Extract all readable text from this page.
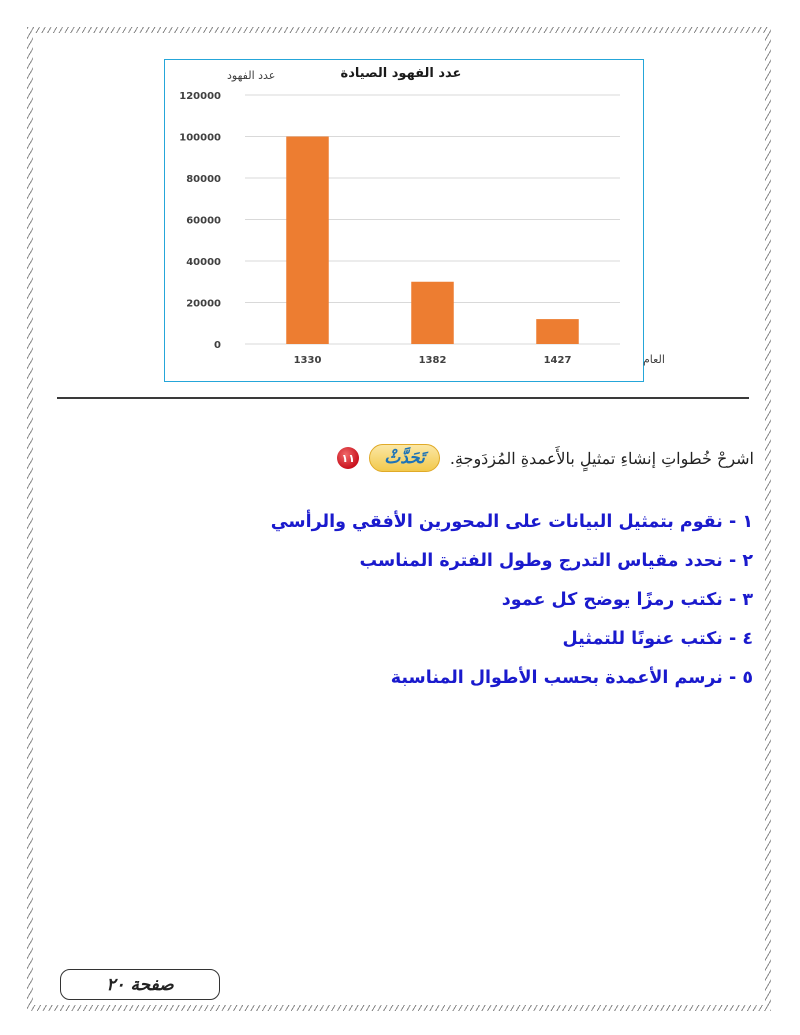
0
20000
40000
60000
80000
100000
120000
1330	1382	1427
عدد الفهود الصيادة
عدد الفهود
العام
١١	تَحَدَّثْ	اشرحْ خُطواتِ إنشاءِ تمثيلٍ بالأَعمدةِ المُزدَوجةِ.
١ - نقوم بتمثيل البيانات على المحورين الأفقي والرأسي
٢ - نحدد مقياس التدرج وطول الفترة المناسب
٣ - نكتب رمزًا يوضح كل عمود
٤ - نكتب عنونًا للتمثيل
٥ - نرسم الأعمدة بحسب الأطوال المناسبة
صفحة ٢٠
